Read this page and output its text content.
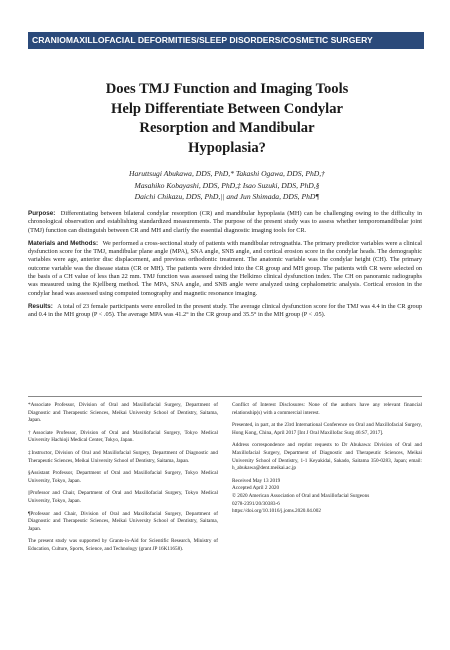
CRANIOMAXILLOFACIAL DEFORMITIES/SLEEP DISORDERS/COSMETIC SURGERY
Does TMJ Function and Imaging Tools
Help Differentiate Between Condylar
Resorption and Mandibular
Hypoplasia?
Haruttsugi Abukawa, DDS, PhD,* Takashi Ogawa, DDS, PhD,†
Masahiko Kobayashi, DDS, PhD,‡ Isao Suzuki, DDS, PhD,§
Daichi Chikazu, DDS, PhD,|| and Jun Shimada, DDS, PhD¶

Purpose: Differentiating between bilateral condylar resorption (CR) and mandibular hypoplasia (MH) can be challenging owing to the difficulty in chronological observation and establishing standardized measurements. The purpose of the present study was to assess whether temporomandibular joint (TMJ) function can distinguish between CR and MH and clarify the essential diagnostic imaging tools for CR.

Materials and Methods: We performed a cross-sectional study of patients with mandibular retrognathia. The primary predictor variables were a clinical dysfunction score for the TMJ, mandibular plane angle (MPA), SNA angle, SNB angle, and cortical erosion score in the condylar heads. The demographic variables were age, anterior disc displacement, and previous orthodontic treatment. The anatomic variable was the condylar height (CH). The primary outcome variable was the disease status (CR or MH). The patients were divided into the CR group and MH group. The patients with CR were selected on the basis of a CH value of less than 22 mm. TMJ function was assessed using the Helkimo clinical dysfunction index. The CH on panoramic radiographs was measured using the Kjellberg method. The MPA, SNA angle, and SNB angle were analyzed using cephalometric analysis. Cortical erosion in the condylar head was assessed using computed tomography and magnetic resonance imaging.

Results: A total of 23 female participants were enrolled in the present study. The average clinical dysfunction score for the TMJ was 4.4 in the CR group and 0.4 in the MH group (P < .05). The average MPA was 41.2° in the CR group and 35.5° in the MH group (P < .05).

*Associate Professor, Division of Oral and Maxillofacial Surgery, Department of Diagnostic and Therapeutic Sciences, Meikai University School of Dentistry, Saitama, Japan.

†Associate Professor, Division of Oral and Maxillofacial Surgery, Tokyo Medical University Hachioji Medical Center, Tokyo, Japan.

‡Instructor, Division of Oral and Maxillofacial Surgery, Department of Diagnostic and Therapeutic Sciences, Meikai University School of Dentistry, Saitama, Japan.

§Assistant Professor, Department of Oral and Maxillofacial Surgery, Tokyo Medical University, Tokyo, Japan.

||Professor and Chair, Department of Oral and Maxillofacial Surgery, Tokyo Medical University, Tokyo, Japan.

¶Professor and Chair, Division of Oral and Maxillofacial Surgery, Department of Diagnostic and Therapeutic Sciences, Meikai University School of Dentistry, Saitama, Japan.

The present study was supported by Grants-in-Aid for Scientific Research, Ministry of Education, Culture, Sports, Science, and Technology (grant JP 16K11658).

Conflict of Interest Disclosures: None of the authors have any relevant financial relationship(s) with a commercial interest.

Presented, in part, at the 23rd International Conference on Oral and Maxillofacial Surgery, Hong Kong, China, April 2017 [Int J Oral Maxillofac Surg 46:S7, 2017].

Address correspondence and reprint requests to Dr Abukawa: Division of Oral and Maxillofacial Surgery, Department of Diagnostic and Therapeutic Sciences, Meikai University School of Dentistry, 1-1 Keyakidai, Sakado, Saitama 350-0283, Japan; email: h_abukawa@dent.meikai.ac.jp

Received May 13 2019

Accepted April 2 2020

© 2020 American Association of Oral and Maxillofacial Surgeons

0278-2391/20/30383-6

https://doi.org/10.1016/j.joms.2020.04.002
